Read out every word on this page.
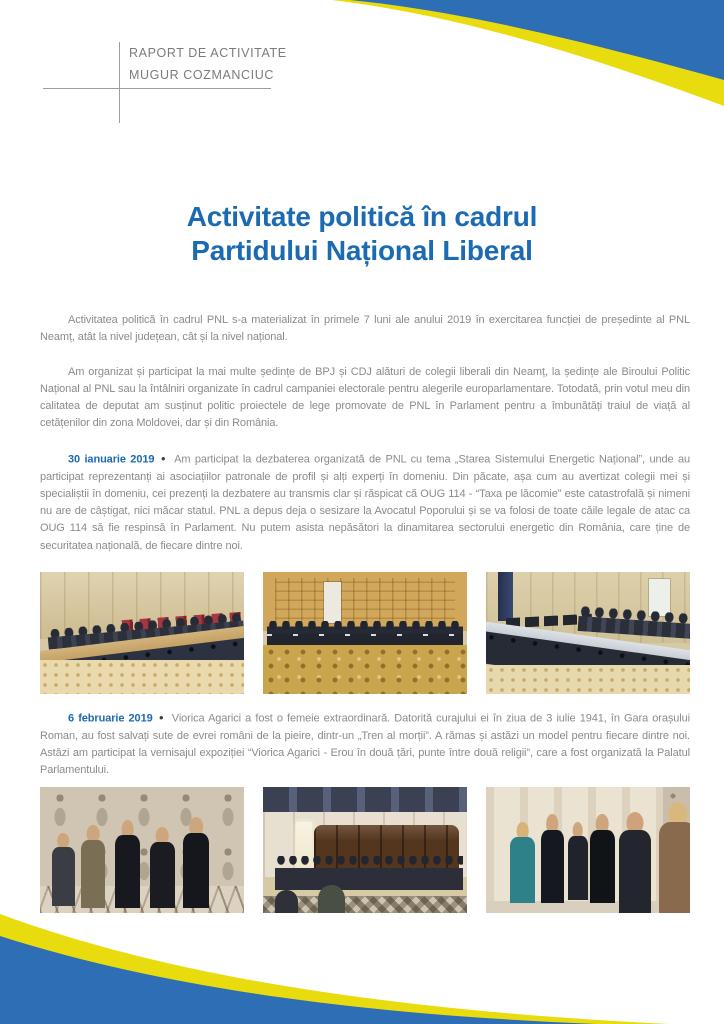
RAPORT DE ACTIVITATE
MUGUR COZMANCIUC
Activitate politică în cadrul
Partidului Național Liberal

Activitatea politică în cadrul PNL s-a materializat în primele 7 luni ale anului 2019 în exercitarea funcției de președinte al PNL Neamț, atât la nivel județean, cât și la nivel național.

Am organizat și participat la mai multe ședințe de BPJ și CDJ alături de colegii liberali din Neamț, la ședințe ale Biroului Politic Național al PNL sau la întâlniri organizate în cadrul campaniei electorale pentru alegerile europarlamentare. Totodată, prin votul meu din calitatea de deputat am susținut politic proiectele de lege promovate de PNL în Parlament pentru a îmbunătăți traiul de viață al cetățenilor din zona Moldovei, dar și din România.

30 ianuarie 2019 ● Am participat la dezbaterea organizată de PNL cu tema „Starea Sistemului Energetic Național”, unde au participat reprezentanți ai asociațiilor patronale de profil și alți experți în domeniu. Din păcate, așa cum au avertizat colegii mei și specialiștii în domeniu, cei prezenți la dezbatere au transmis clar și răspicat că OUG 114 - “Taxa pe lăcomie” este catastrofală și nimeni nu are de câștigat, nici măcar statul. PNL a depus deja o sesizare la Avocatul Poporului și se va folosi de toate căile legale de atac ca OUG 114 să fie respinsă în Parlament. Nu putem asista nepăsători la dinamitarea sectorului energetic din România, care ține de securitatea națională, de fiecare dintre noi.

6 februarie 2019 ● Viorica Agarici a fost o femeie extraordinară. Datorită curajului ei în ziua de 3 iulie 1941, în Gara orașului Roman, au fost salvați sute de evrei români de la pieire, dintr-un „Tren al morții”. A rămas și astăzi un model pentru fiecare dintre noi. Astăzi am participat la vernisajul expoziției “Viorica Agarici - Erou în două țări, punte între două religii”, care a fost organizată la Palatul Parlamentului.
